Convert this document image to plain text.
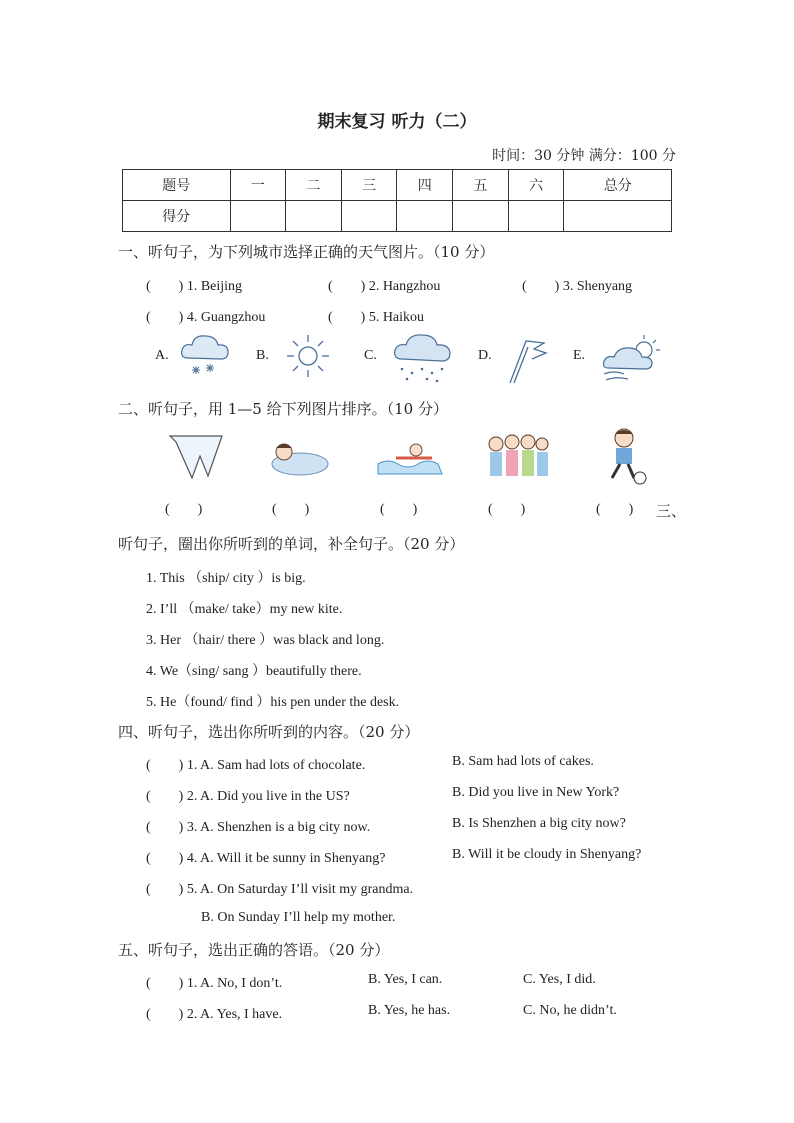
期末复习 听力（二）
时间：30 分钟 满分：100 分
题号	一	二	三	四	五	六	总分
得分							
一、听句子，为下列城市选择正确的天气图片。（10 分）
(　　) 1. Beijing	(　　) 2. Hangzhou	(　　) 3. Shenyang
(　　) 4. Guangzhou	(　　) 5. Haikou
A.	B.	C.	D.	E.
二、听句子，用 1—5 给下列图片排序。（10 分）
(　　)	(　　)	(　　)	(　　)	(　　) 三、
听句子，圈出你所听到的单词，补全句子。（20 分）
1. This （ship/ city ）is big.
2. I’ll （make/ take）my new kite.
3. Her （hair/ there ）was black and long.
4. We（sing/ sang ）beautifully there.
5. He（found/ find ）his pen under the desk.
四、听句子，选出你所听到的内容。（20 分）
(　　) 1. A. Sam had lots of chocolate.	B. Sam had lots of cakes.
(　　) 2. A. Did you live in the US?	B. Did you live in New York?
(　　) 3. A. Shenzhen is a big city now.	B. Is Shenzhen a big city now?
(　　) 4. A. Will it be sunny in Shenyang?	B. Will it be cloudy in Shenyang?
(　　) 5. A. On Saturday I’ll visit my grandma.
B. On Sunday I’ll help my mother.
五、听句子，选出正确的答语。（20 分）
(　　) 1. A. No, I don’t.	B. Yes, I can.	C. Yes, I did.
(　　) 2. A. Yes, I have.	B. Yes, he has.	C. No, he didn’t.
